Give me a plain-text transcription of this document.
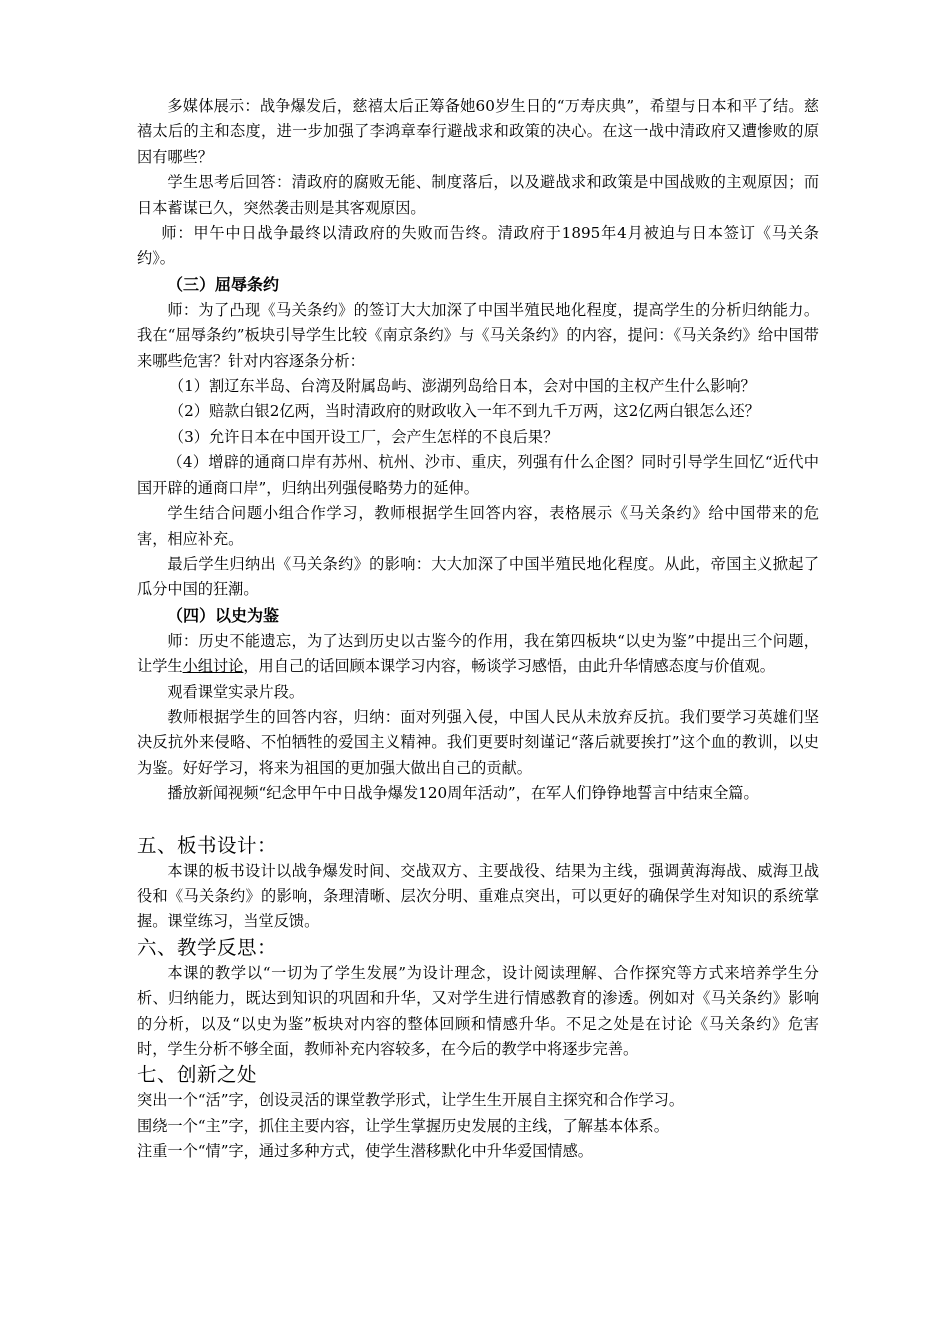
多媒体展示：战争爆发后，慈禧太后正筹备她60岁生日的“万寿庆典”，希望与日本和平了结。慈禧太后的主和态度，进一步加强了李鸿章奉行避战求和政策的决心。在这一战中清政府又遭惨败的原因有哪些？

学生思考后回答：清政府的腐败无能、制度落后，以及避战求和政策是中国战败的主观原因；而日本蓄谋已久，突然袭击则是其客观原因。

师：甲午中日战争最终以清政府的失败而告终。清政府于1895年4月被迫与日本签订《马关条约》。

（三）屈辱条约

师：为了凸现《马关条约》的签订大大加深了中国半殖民地化程度，提高学生的分析归纳能力。我在“屈辱条约”板块引导学生比较《南京条约》与《马关条约》的内容，提问：《马关条约》给中国带来哪些危害？针对内容逐条分析：

（1）割辽东半岛、台湾及附属岛屿、澎湖列岛给日本，会对中国的主权产生什么影响？

（2）赔款白银2亿两，当时清政府的财政收入一年不到九千万两，这2亿两白银怎么还？

（3）允许日本在中国开设工厂，会产生怎样的不良后果？

（4）增辟的通商口岸有苏州、杭州、沙市、重庆，列强有什么企图？同时引导学生回忆“近代中国开辟的通商口岸”，归纳出列强侵略势力的延伸。

学生结合问题小组合作学习，教师根据学生回答内容，表格展示《马关条约》给中国带来的危害，相应补充。

最后学生归纳出《马关条约》的影响：大大加深了中国半殖民地化程度。从此，帝国主义掀起了瓜分中国的狂潮。

（四）以史为鉴

师：历史不能遗忘，为了达到历史以古鉴今的作用，我在第四板块“以史为鉴”中提出三个问题，让学生小组讨论，用自己的话回顾本课学习内容，畅谈学习感悟，由此升华情感态度与价值观。

观看课堂实录片段。

教师根据学生的回答内容，归纳：面对列强入侵，中国人民从未放弃反抗。我们要学习英雄们坚决反抗外来侵略、不怕牺牲的爱国主义精神。我们更要时刻谨记“落后就要挨打”这个血的教训，以史为鉴。好好学习，将来为祖国的更加强大做出自己的贡献。

播放新闻视频“纪念甲午中日战争爆发120周年活动”，在军人们铮铮地誓言中结束全篇。

五、板书设计：

本课的板书设计以战争爆发时间、交战双方、主要战役、结果为主线，强调黄海海战、威海卫战役和《马关条约》的影响，条理清晰、层次分明、重难点突出，可以更好的确保学生对知识的系统掌握。课堂练习，当堂反馈。

六、教学反思：

本课的教学以“一切为了学生发展”为设计理念，设计阅读理解、合作探究等方式来培养学生分析、归纳能力，既达到知识的巩固和升华，又对学生进行情感教育的渗透。例如对《马关条约》影响的分析，以及“以史为鉴”板块对内容的整体回顾和情感升华。不足之处是在讨论《马关条约》危害时，学生分析不够全面，教师补充内容较多，在今后的教学中将逐步完善。

七、创新之处

突出一个“活”字，创设灵活的课堂教学形式，让学生生开展自主探究和合作学习。

围绕一个“主”字，抓住主要内容，让学生掌握历史发展的主线，了解基本体系。

注重一个“情”字，通过多种方式，使学生潜移默化中升华爱国情感。
